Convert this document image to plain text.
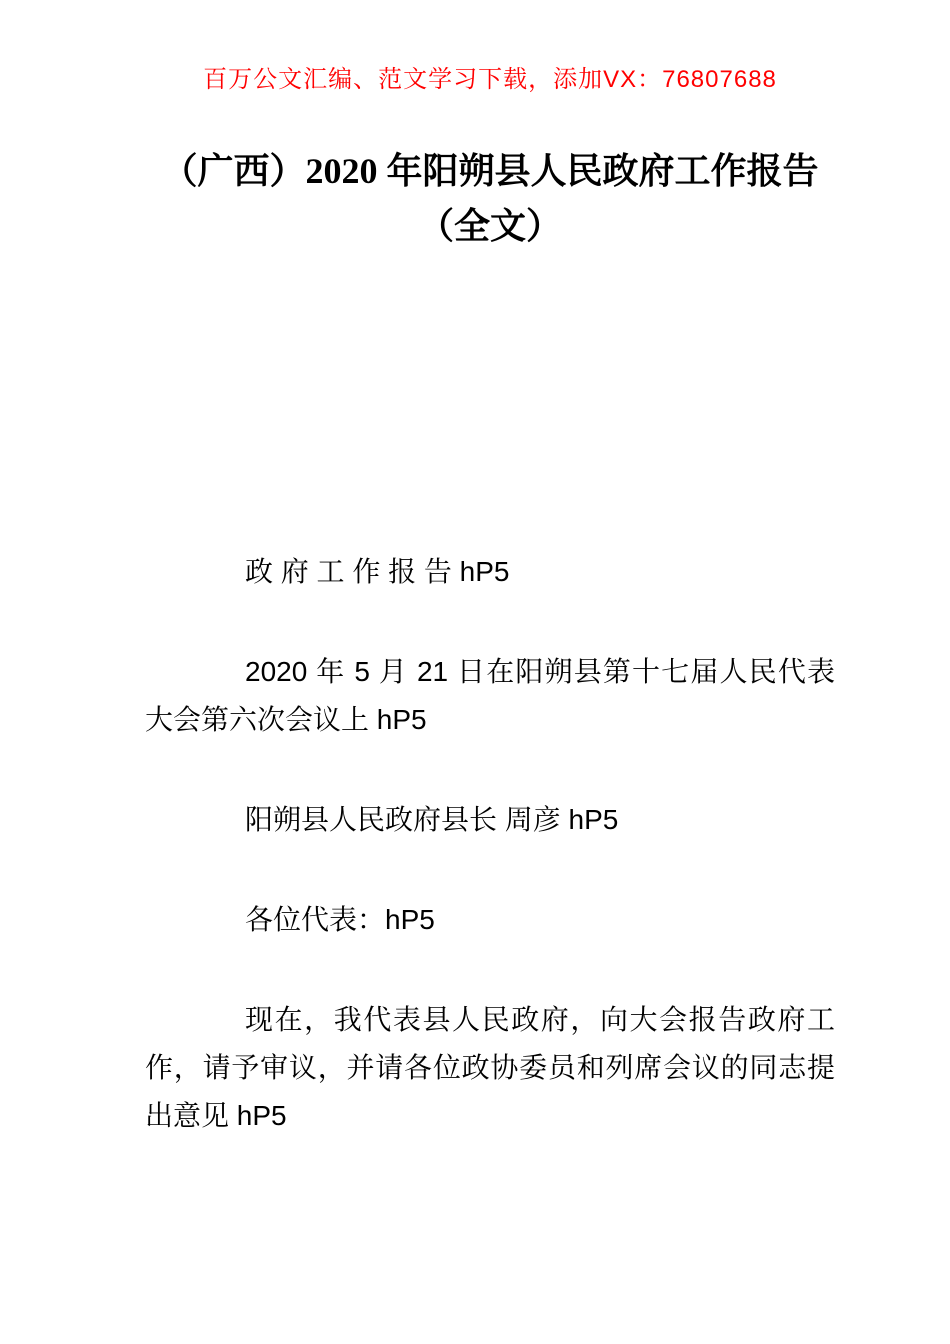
百万公文汇编、范文学习下载，添加VX：76807688
（广西）2020 年阳朔县人民政府工作报告
（全文）

政 府 工 作 报 告 hP5

2020 年 5 月 21 日在阳朔县第十七届人民代表大会第六次会议上 hP5

阳朔县人民政府县长 周彦 hP5

各位代表：hP5

现在，我代表县人民政府，向大会报告政府工作，请予审议，并请各位政协委员和列席会议的同志提出意见 hP5
